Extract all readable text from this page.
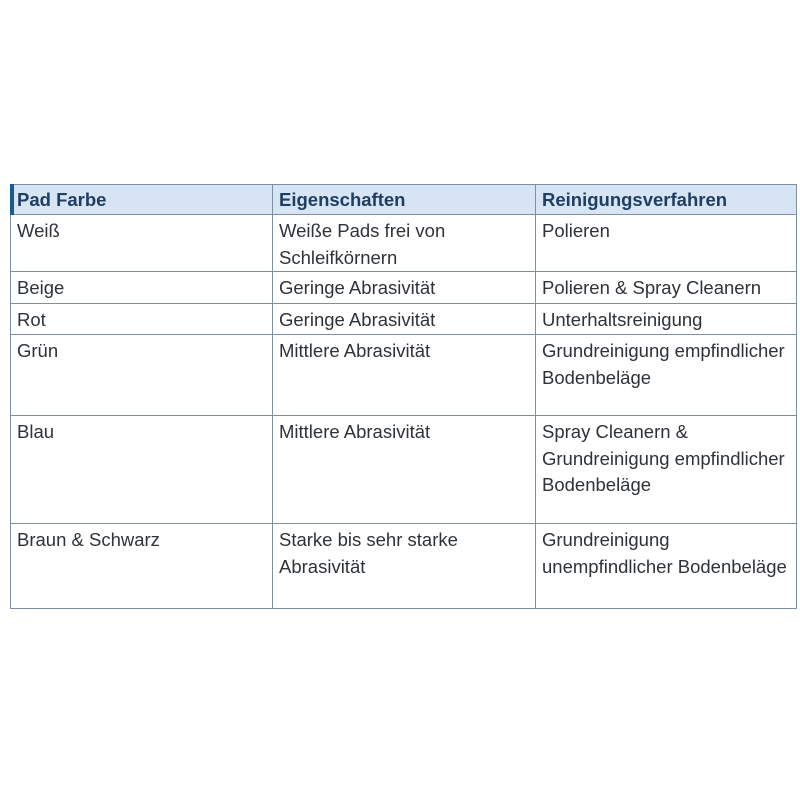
Pad Farbe	Eigenschaften	Reinigungsverfahren
Weiß	Weiße Pads frei von Schleifkörnern	Polieren
Beige	Geringe Abrasivität	Polieren & Spray Cleanern
Rot	Geringe Abrasivität	Unterhaltsreinigung
Grün	Mittlere Abrasivität	Grundreinigung empfindlicher Bodenbeläge
Blau	Mittlere Abrasivität	Spray Cleanern & Grundreinigung empfindlicher Bodenbeläge
Braun & Schwarz	Starke bis sehr starke Abrasivität	Grundreinigung unempfindlicher Bodenbeläge
